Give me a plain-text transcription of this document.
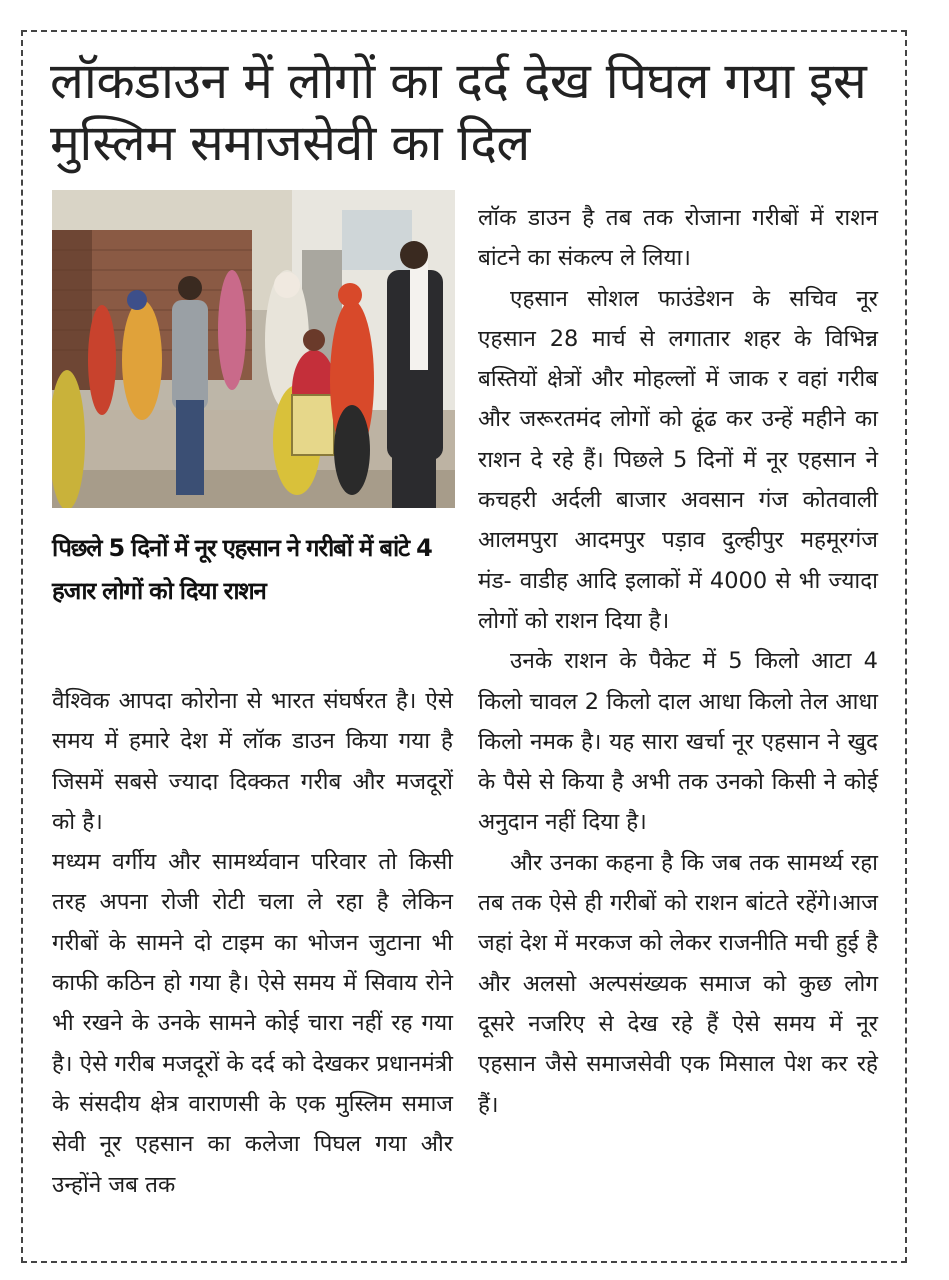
लॉकडाउन में लोगों का दर्द देख पिघल गया इस मुस्लिम समाजसेवी का दिल
पिछले 5 दिनों में नूर एहसान ने गरीबों में बांटे 4 हजार लोगों को दिया राशन

वैश्विक आपदा कोरोना से भारत संघर्षरत है। ऐसे समय में हमारे देश में लॉक डाउन किया गया है जिसमें सबसे ज्यादा दिक्कत गरीब और मजदूरों को है।

मध्यम वर्गीय और सामर्थ्यवान परिवार तो किसी तरह अपना रोजी रोटी चला ले रहा है लेकिन गरीबों के सामने दो टाइम का भोजन जुटाना भी काफी कठिन हो गया है। ऐसे समय में सिवाय रोने भी रखने के उनके सामने कोई चारा नहीं रह गया है। ऐसे गरीब मजदूरों के दर्द को देखकर प्रधानमंत्री के संसदीय क्षेत्र वाराणसी के एक मुस्लिम समाज सेवी नूर एहसान का कलेजा पिघल गया और उन्होंने जब तक

लॉक डाउन है तब तक रोजाना गरीबों में राशन बांटने का संकल्प ले लिया।

एहसान सोशल फाउंडेशन के सचिव नूर एहसान 28 मार्च से लगातार शहर के विभिन्न बस्तियों क्षेत्रों और मोहल्लों में जाक र वहां गरीब और जरूरतमंद लोगों को ढूंढ कर उन्हें महीने का राशन दे रहे हैं। पिछले 5 दिनों में नूर एहसान ने कचहरी अर्दली बाजार अवसान गंज कोतवाली आलमपुरा आदमपुर पड़ाव दुल्हीपुर महमूरगंज मंड- वाडीह आदि इलाकों में 4000 से भी ज्यादा लोगों को राशन दिया है।

उनके राशन के पैकेट में 5 किलो आटा 4 किलो चावल 2 किलो दाल आधा किलो तेल आधा किलो नमक है। यह सारा खर्चा नूर एहसान ने खुद के पैसे से किया है अभी तक उनको किसी ने कोई अनुदान नहीं दिया है।

और उनका कहना है कि जब तक सामर्थ्य रहा तब तक ऐसे ही गरीबों को राशन बांटते रहेंगे।आज जहां देश में मरकज को लेकर राजनीति मची हुई है और अलसो अल्पसंख्यक समाज को कुछ लोग दूसरे नजरिए से देख रहे हैं ऐसे समय में नूर एहसान जैसे समाजसेवी एक मिसाल पेश कर रहे हैं।
